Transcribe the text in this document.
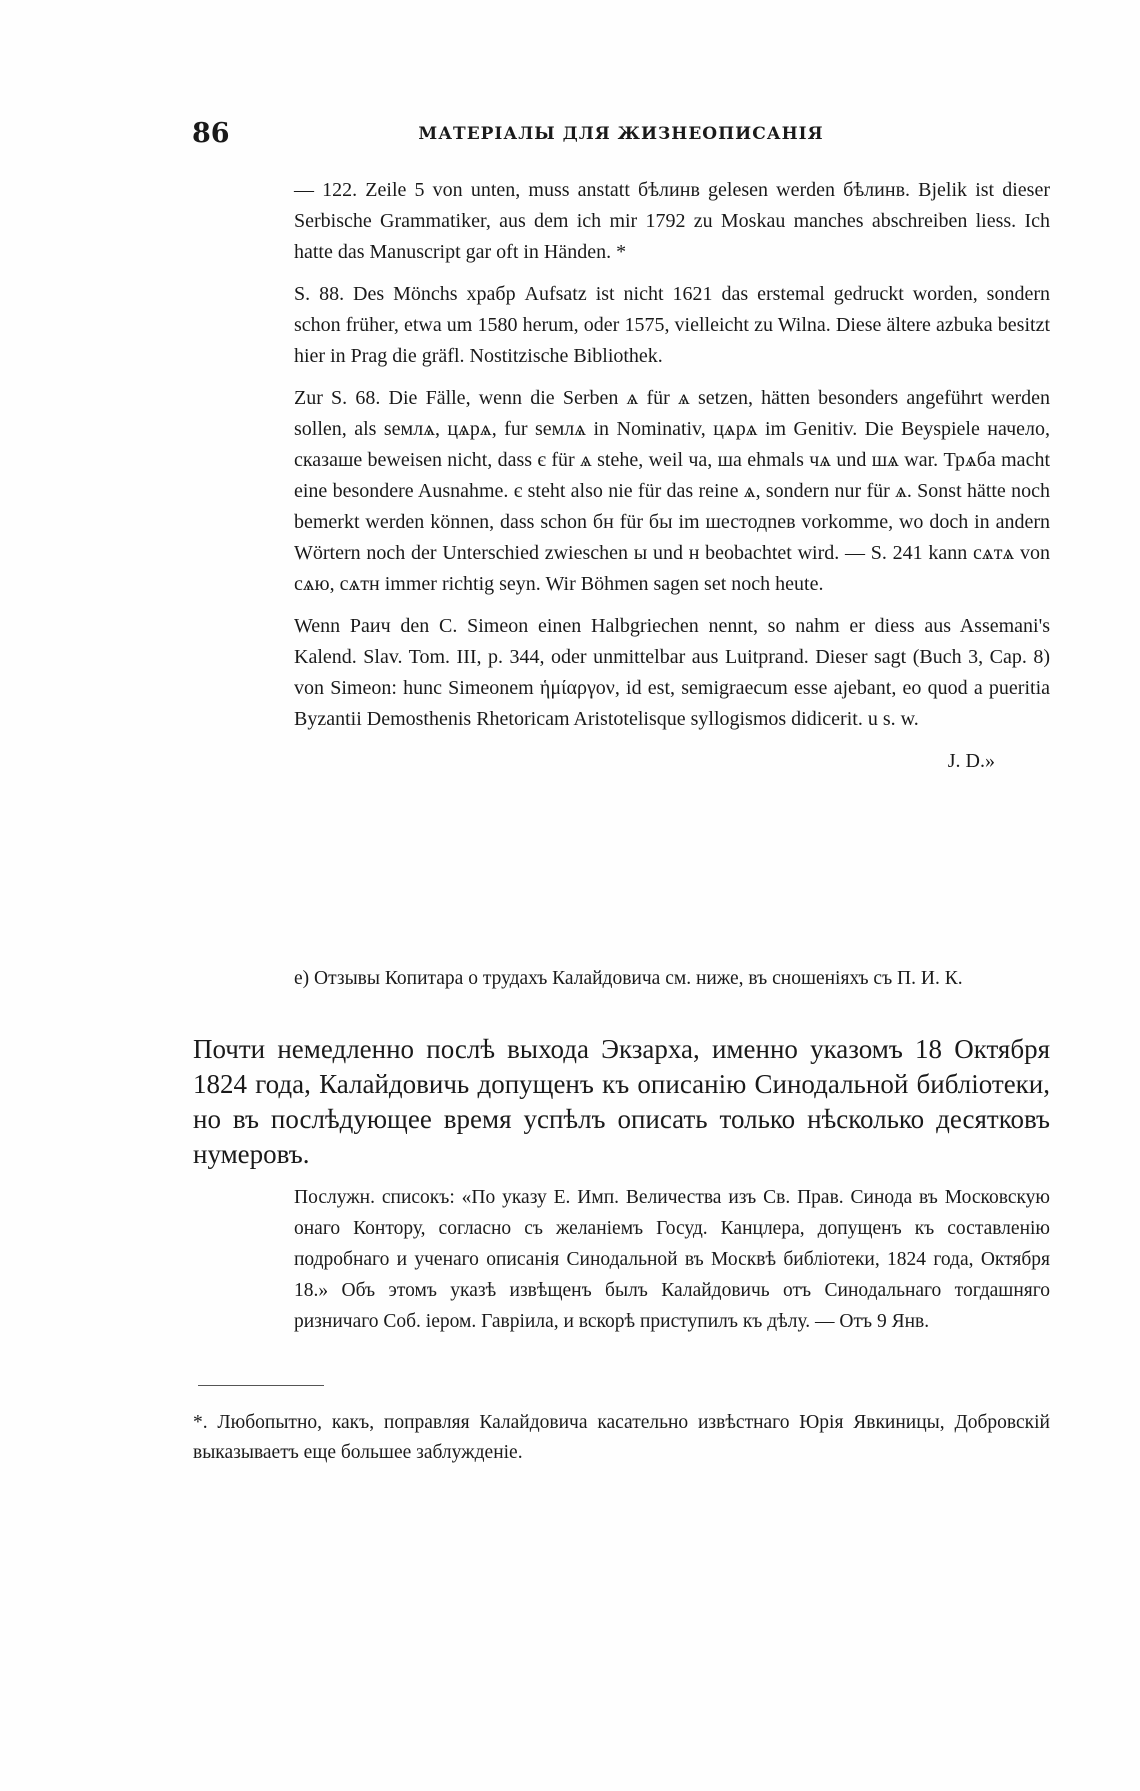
86	МАТЕРІАЛЫ ДЛЯ ЖИЗНЕОПИСАНІЯ

— 122. Zeile 5 von unten, muss anstatt бѣлинв gelesen werden бѣлинв. Bjelik ist dieser Serbische Grammatiker, aus dem ich mir 1792 zu Moskau manches abschreiben liess. Ich hatte das Manuscript gar oft in Händen. *

S. 88. Des Mönchs храбр Aufsatz ist nicht 1621 das erstemal gedruckt worden, sondern schon früher, etwa um 1580 herum, oder 1575, vielleicht zu Wilna. Diese ältere azbuka besitzt hier in Prag die gräfl. Nostitzische Bibliothek.

Zur S. 68. Die Fälle, wenn die Serben ѧ für ѧ setzen, hätten besonders angeführt werden sollen, als ѕемлѧ, цѧрѧ, fur ѕемлѧ in Nominativ, цѧрѧ im Genitiv. Die Beyspiele начело, сказаше beweisen nicht, dass є für ѧ stehe, weil ча, ша ehmals чѧ und шѧ war. Трѧба macht eine besondere Ausnahme. є steht also nie für das reine ѧ, sondern nur für ѧ. Sonst hätte noch bemerkt werden können, dass schon бн für бы im шестодnев vorkomme, wo doch in andern Wörtern noch der Unterschied zwieschen ы und н beobachtet wird. — S. 241 kann сѧтѧ von сѧю, сѧтн immer richtig seyn. Wir Böhmen sagen set noch heute.

Wenn Раич den C. Simeon einen Halbgriechen nennt, so nahm er diess aus Assemani's Kalend. Slav. Tom. III, p. 344, oder unmittelbar aus Luitprand. Dieser sagt (Buch 3, Cap. 8) von Simeon: hunc Simeonem ἡμίαργον, id est, semigraecum esse ajebant, eo quod a pueritia Byzantii Demosthenis Rhetoricam Aristotelisque syllogismos didicerit. u s. w.

J. D.»

е) Отзывы Копитара о трудахъ Калайдовича см. ниже, въ сношеніяхъ съ П. И. К.

Почти немедленно послѣ выхода Экзарха, именно указомъ 18 Октября 1824 года, Калайдовичь допущенъ къ описанію Синодальной библіотеки, но въ послѣдующее время успѣлъ описать только нѣсколько десятковъ нумеровъ.

Послужн. списокъ: «По указу Е. Имп. Величества изъ Св. Прав. Синода въ Московскую онаго Контору, согласно съ желаніемъ Госуд. Канцлера, допущенъ къ составленію подробнаго и ученаго описанія Синодальной въ Москвѣ библіотеки, 1824 года, Октября 18.» Объ этомъ указѣ извѣщенъ былъ Калайдовичь отъ Синодальнаго тогдашняго ризничаго Соб. іером. Гавріила, и вскорѣ приступилъ къ дѣлу. — Отъ 9 Янв.

*. Любопытно, какъ, поправляя Калайдовича касательно извѣстнаго Юрія Явкиницы, Добровскій выказываетъ еще большее заблужденіе.
